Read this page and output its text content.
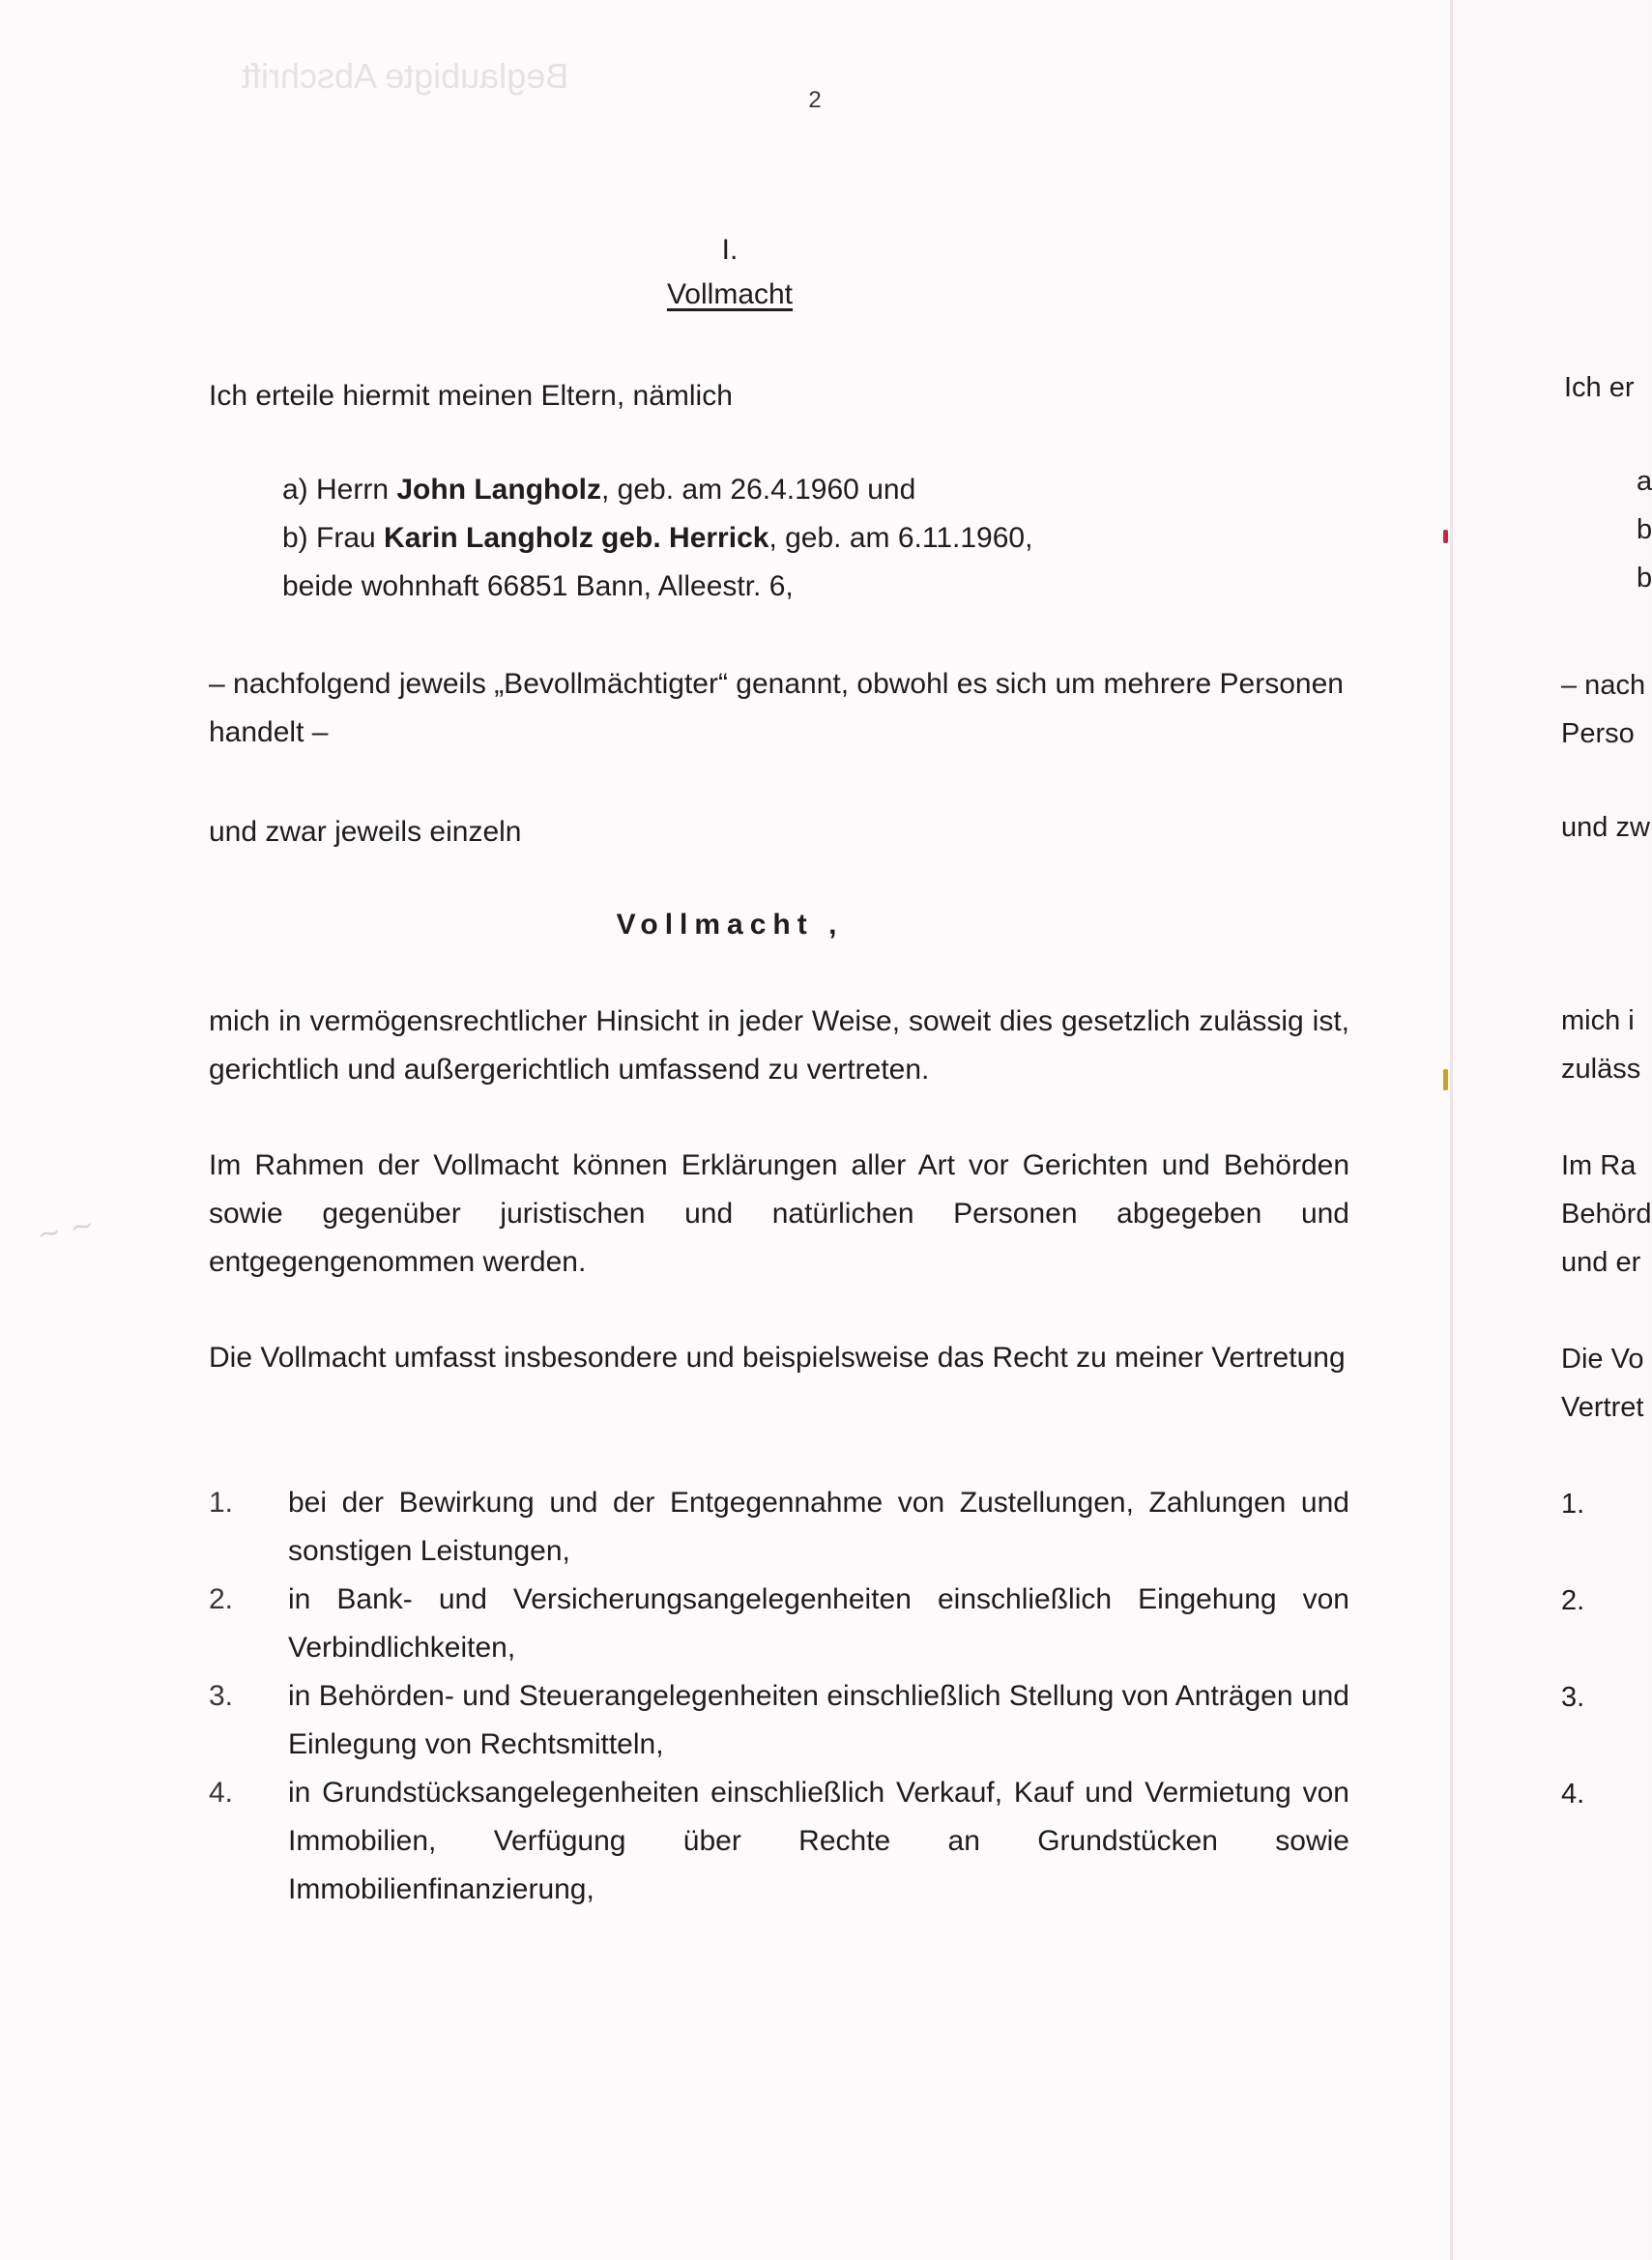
Beglaubigte Abschrift
2
I.
Vollmacht

Ich erteile hiermit meinen Eltern, nämlich

a) Herrn John Langholz, geb. am 26.4.1960 und
b) Frau Karin Langholz geb. Herrick, geb. am 6.11.1960,
beide wohnhaft 66851 Bann, Alleestr. 6,

– nachfolgend jeweils „Bevollmächtigter“ genannt, obwohl es sich um mehrere Personen handelt –

und zwar jeweils einzeln

Vollmacht ,

mich in vermögensrechtlicher Hinsicht in jeder Weise, soweit dies gesetzlich zulässig ist, gerichtlich und außergerichtlich umfassend zu vertreten.

Im Rahmen der Vollmacht können Erklärungen aller Art vor Gerichten und Behörden sowie gegenüber juristischen und natürlichen Personen abgegeben und entgegengenommen werden.

Die Vollmacht umfasst insbesondere und beispielsweise das Recht zu meiner Vertretung

1. bei der Bewirkung und der Entgegennahme von Zustellungen, Zahlungen und sonstigen Leistungen,
2. in Bank- und Versicherungsangelegenheiten einschließlich Eingehung von Verbindlichkeiten,
3. in Behörden- und Steuerangelegenheiten einschließlich Stellung von Anträgen und Einlegung von Rechtsmitteln,
4. in Grundstücksangelegenheiten einschließlich Verkauf, Kauf und Vermietung von Immobilien, Verfügung über Rechte an Grundstücken sowie Immobilienfinanzierung,
~ ~
Ich er
a
b
b
– nach
Perso
und zw
mich i
zuläss
Im Ra
Behörd
und er
Die Vo
Vertret
1.
2.
3.
4.
